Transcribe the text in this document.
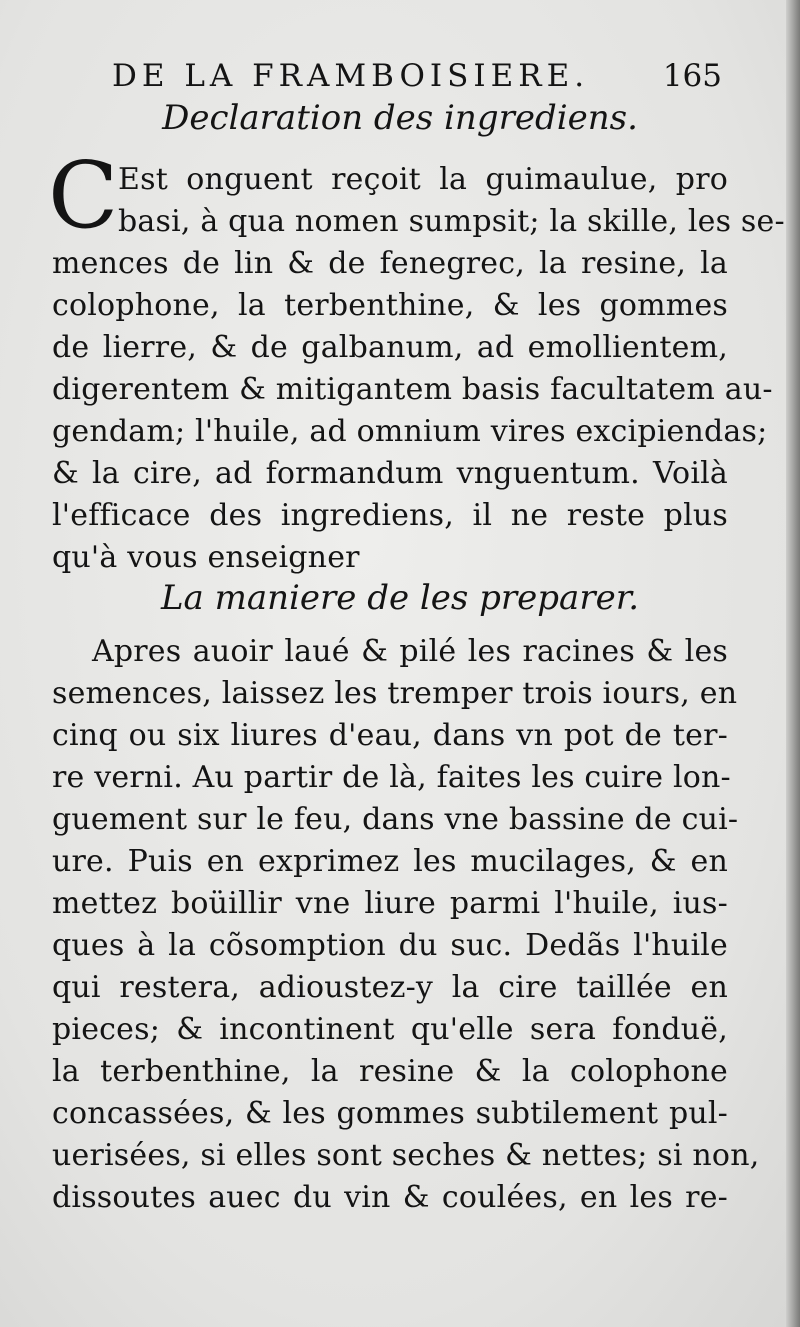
DE LA FRAMBOISIERE. 165
Declaration des ingrediens.
C Est onguent reçoit la guimaulue, pro
basi, à qua nomen sumpsit; la skille, les se-
mences de lin & de fenegrec, la resine, la
colophone, la terbenthine, & les gommes
de lierre, & de galbanum, ad emollientem,
digerentem & mitigantem basis facultatem au-
gendam; l'huile, ad omnium vires excipiendas;
& la cire, ad formandum vnguentum. Voilà
l'efficace des ingrediens, il ne reste plus
qu'à vous enseigner
La maniere de les preparer.
Apres auoir laué & pilé les racines & les
semences, laissez les tremper trois iours, en
cinq ou six liures d'eau, dans vn pot de ter-
re verni. Au partir de là, faites les cuire lon-
guement sur le feu, dans vne bassine de cui-
ure. Puis en exprimez les mucilages, & en
mettez boüillir vne liure parmi l'huile, ius-
ques à la cõsomption du suc. Dedãs l'huile
qui restera, adioustez-y la cire taillée en
pieces; & incontinent qu'elle sera fonduë,
la terbenthine, la resine & la colophone
concassées, & les gommes subtilement pul-
uerisées, si elles sont seches & nettes; si non,
dissoutes auec du vin & coulées, en les re-
